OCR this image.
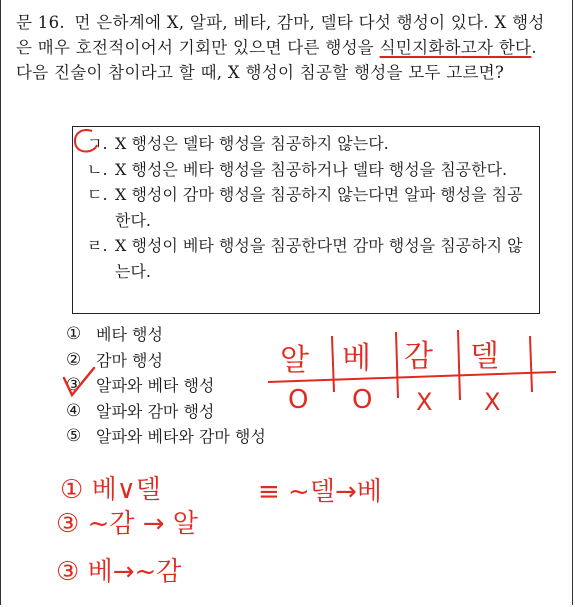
문 16. 먼 은하계에 X, 알파, 베타, 감마, 델타 다섯 행성이 있다. X 행성은 매우 호전적이어서 기회만 있으면 다른 행성을 식민지화하고자 한다. 다음 진술이 참이라고 할 때, X 행성이 침공할 행성을 모두 고르면?
ㄱ. X 행성은 델타 행성을 침공하지 않는다.
ㄴ. X 행성은 베타 행성을 침공하거나 델타 행성을 침공한다.
ㄷ. X 행성이 감마 행성을 침공하지 않는다면 알파 행성을 침공한다.
ㄹ. X 행성이 베타 행성을 침공한다면 감마 행성을 침공하지 않는다.
① 베타 행성
② 감마 행성
③ 알파와 베타 행성
④ 알파와 감마 행성
⑤ 알파와 베타와 감마 행성
알 베 감 델
O O X X
① 베∨델	≡ ~델→베
③ ~감 → 알
③ 베→~감
